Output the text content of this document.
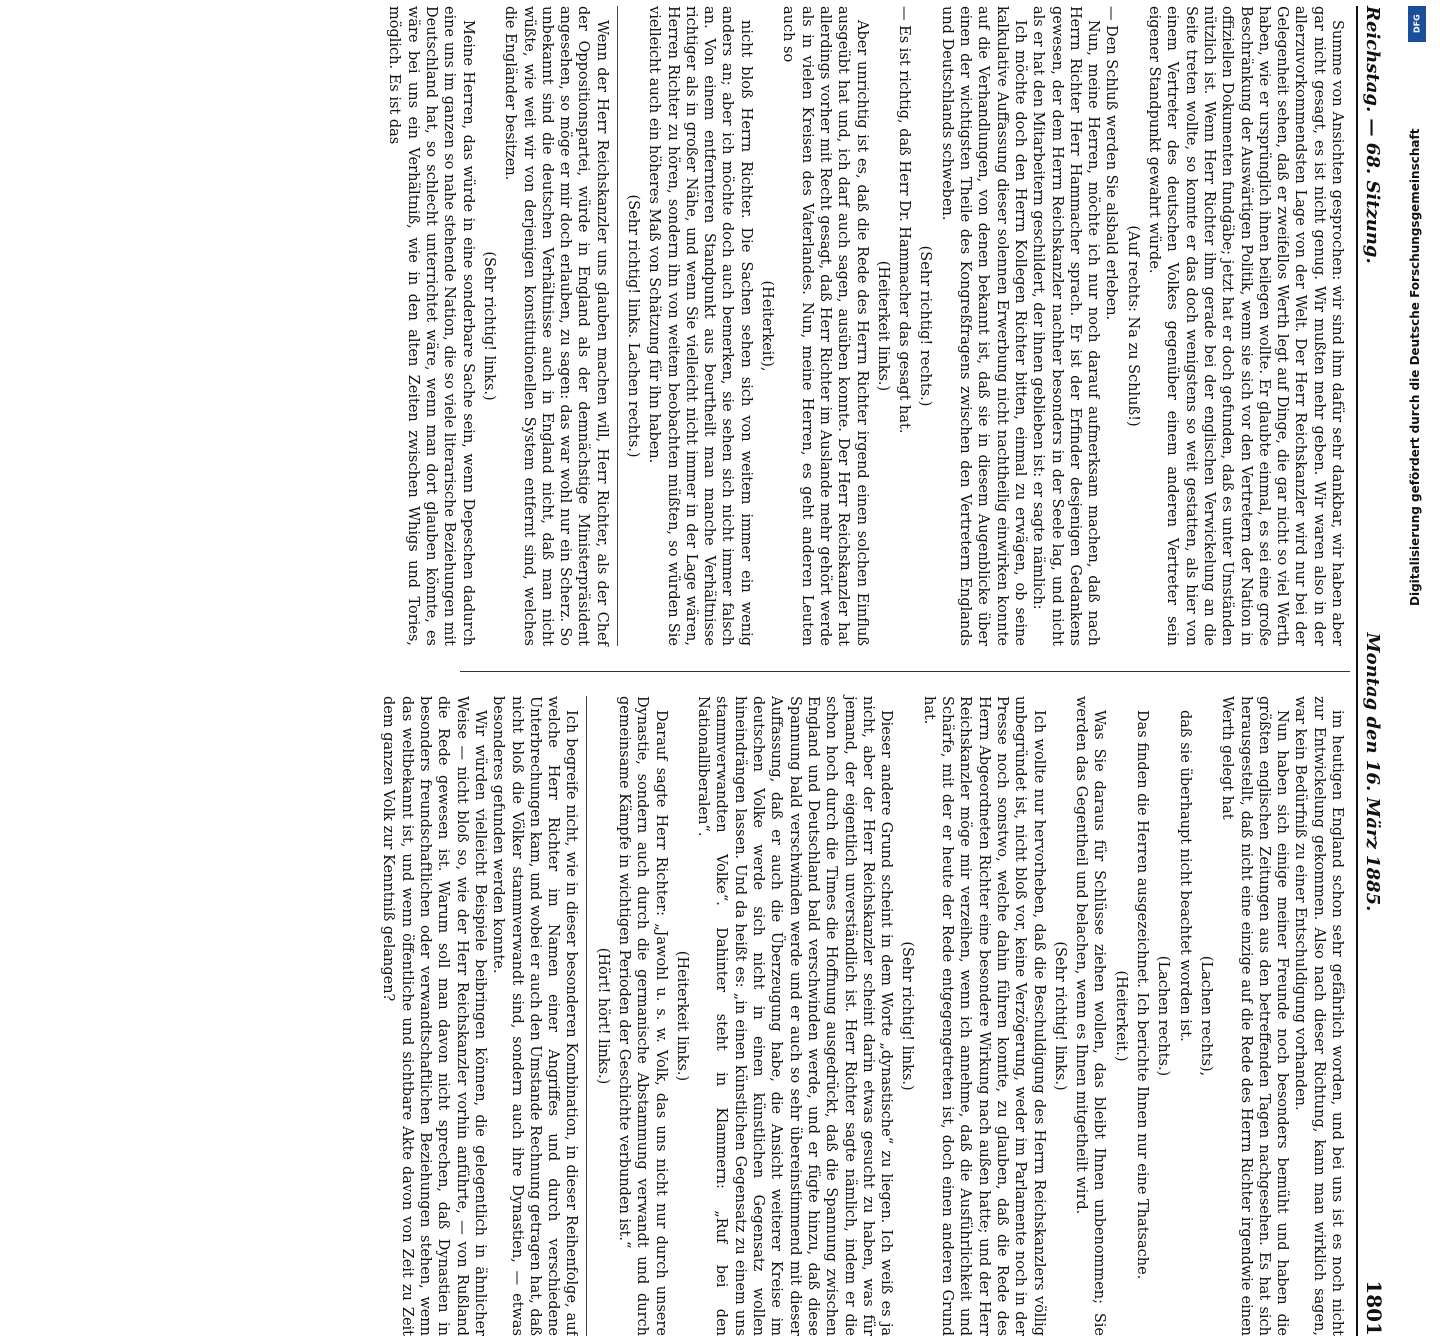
Reichstag. — 68. Sitzung.
Montag den 16. März 1885.
1801

Summe von Ansichten gesprochen: wir sind ihm dafür sehr dankbar, wir haben aber gar nicht gesagt, es ist nicht genug. Wir mußten mehr geben. Wir waren also in der allerzuvorkommendsten Lage von der Welt. Der Herr Reichskanzler wird nur bei der Gelegenheit sehen, daß er zweifellos Werth legt auf Dinge, die gar nicht so viel Werth haben, wie er ursprünglich ihnen beilegen wollte. Er glaubte einmal, es sei eine große Beschränkung der Auswärtigen Politik, wenn sie sich vor den Vertretern der Nation in offiziellen Dokumenten fundgäbe; jetzt hat er doch gefunden, daß es unter Umständen nützlich ist. Wenn Herr Richter ihm gerade bei der englischen Verwickelung an die Seite treten wollte, so konnte er das doch wenigstens so weit gestatten, als hier von einem Vertreter des deutschen Volkes gegenüber einem anderen Vertreter sein eigener Standpunkt gewahrt würde.

(Auf rechts: Na zu Schluß!)

— Den Schluß werden Sie alsbald erleben.

Nun, meine Herren, möchte ich nur noch darauf aufmerksam machen, daß nach Herrn Richter Herr Hammacher sprach. Er ist der Erfinder desjenigen Gedankens gewesen, der dem Herrn Reichskanzler nachher besonders in der Seele lag, und nicht als er hat den Mitarbeitern geschildert, der ihnen geblieben ist: er sagte nämlich:

Ich möchte doch den Herrn Kollegen Richter bitten, einmal zu erwägen, ob seine kalkulative Auffassung dieser solennen Erwerbung nicht nachtheilig einwirken konnte auf die Verhandlungen, von denen bekannt ist, daß sie in diesem Augenblicke über einen der wichtigsten Theile des Kongreßfragens zwischen den Vertretern Englands und Deutschlands schweben.

(Sehr richtig! rechts.)

— Es ist richtig, daß Herr Dr. Hammacher das gesagt hat.

(Heiterkeit links.)

Aber unrichtig ist es, daß die Rede des Herrn Richter irgend einen solchen Einfluß ausgeübt hat und, ich darf auch sagen, ausüben konnte. Der Herr Reichskanzler hat allerdings vorher mit Recht gesagt, daß Herr Richter im Auslande mehr gehört werde als in vielen Kreisen des Vaterlandes. Nun, meine Herren, es geht anderen Leuten auch so

(Heiterkeit),

nicht bloß Herrn Richter. Die Sachen sehen sich von weitem immer ein wenig anders an; aber ich möchte doch auch bemerken, sie sehen sich nicht immer falsch an. Von einem entfernteren Standpunkt aus beurtheilt man manche Verhältnisse richtiger als in großer Nähe, und wenn Sie vielleicht nicht immer in der Lage wären, Herren Richter zu hören, sondern ihn von weitem beobachten müßten, so würden Sie vielleicht auch ein höheres Maß von Schätzung für ihn haben.

(Sehr richtig! links. Lachen rechts.)

Wenn der Herr Reichskanzler uns glauben machen will, Herr Richter, als der Chef der Oppositionspartei, würde in England als der demnächstige Ministerpräsident angesehen, so möge er mir doch erlauben, zu sagen: das war wohl nur ein Scherz. So unbekannt sind die deutschen Verhältnisse auch in England nicht, daß man nicht wüßte, wie weit wir von derjenigen konstitutionellen System entfernt sind, welches die Engländer besitzen.

(Sehr richtig! links.)

Meine Herren, das würde in eine sonderbare Sache sein, wenn Depeschen dadurch eine uns im ganzen so nahe stehende Nation, die so viele literarische Beziehungen mit Deutschland hat, so schlecht unterrichtet wäre, wenn man dort glauben könnte, es wäre bei uns ein Verhältniß, wie in den alten Zeiten zwischen Whigs und Tories, möglich. Es ist das

im heutigen England schon sehr gefährlich worden, und bei uns ist es noch nicht zur Entwickelung gekommen. Also nach dieser Richtung, kann man wirklich sagen, war kein Bedürfniß zu einer Entschuldigung vorhanden.

Nun haben sich einige meiner Freunde noch besonders bemüht und haben die größten englischen Zeitungen aus den betreffenden Tagen nachgesehen. Es hat sich herausgestellt, daß nicht eine einzige auf die Rede des Herrn Richter irgendwie einen Werth gelegt hat

(Lachen rechts),

daß sie überhaupt nicht beachtet worden ist.

(Lachen rechts.)

Das finden die Herren ausgezeichnet. Ich berichte Ihnen nur eine Thatsache.

(Heiterkeit.)

Was Sie daraus für Schlüsse ziehen wollen, das bleibt Ihnen unbenommen; Sie werden das Gegentheil und belachen, wenn es Ihnen mitgetheilt wird.

(Sehr richtig! links.)

Ich wollte nur hervorheben, daß die Beschuldigung des Herrn Reichskanzlers völlig unbegründet ist, nicht bloß vor, keine Verzögerung, weder im Parlamente noch in der Presse noch sonstwo, welche dahin führen konnte, zu glauben, daß die Rede des Herrn Abgeordneten Richter eine besondere Wirkung nach außen hatte; und der Herr Reichskanzler möge mir verzeihen, wenn ich annehme, daß die Ausführlichkeit und Schärfe, mit der er heute der Rede entgegengetreten ist, doch einen anderen Grund hat.

(Sehr richtig! links.)

Dieser andere Grund scheint in dem Worte „dynastische“ zu liegen. Ich weiß es ja nicht, aber der Herr Reichskanzler scheint darin etwas gesucht zu haben, was für jemand, der eigentlich unverständlich ist. Herr Richter sagte nämlich, indem er die schon hoch durch die Times die Hoffnung ausgedrückt, daß die Spannung zwischen England und Deutschland bald verschwinden werde, und er fügte hinzu, daß diese Spannung bald verschwinden werde und er auch so sehr übereinstimmend mit dieser Auffassung, daß er auch die Überzeugung habe, die Ansicht weiterer Kreise im deutschen Volke werde sich nicht in einen künstlichen Gegensatz wollen hineindrängen lassen. Und da heißt es: „in einen künstlichen Gegensatz zu einem uns stammverwandten Volke“. Dahinter steht in Klammern: „Ruf bei den Nationalliberalen“.

(Heiterkeit links.)

Darauf sagte Herr Richter: „Jawohl u. s. w. Volk, das uns nicht nur durch unsere Dynastie, sondern auch durch die germanische Abstammung verwandt und durch gemeinsame Kämpfe in wichtigen Perioden der Geschichte verbunden ist.“

(Hört! hört! links.)

Ich begreife nicht, wie in dieser besonderen Kombination, in dieser Reihenfolge, auf welche Herr Richter im Namen einer Angriffes und durch verschiedene Unterbrechungen kam, und wobei er auch den Umstande Rechnung getragen hat, daß nicht bloß die Völker stammverwandt sind, sondern auch ihre Dynastien, — etwas besonderes gefunden werden konnte.

Wir würden vielleicht Beispiele beibringen können, die gelegentlich in ähnlicher Weise — nicht bloß so, wie der Herr Reichskanzler vorhin anführte, — von Rußland die Rede gewesen ist. Warum soll man davon nicht sprechen, daß Dynastien in besonders freundschaftlichen oder verwandtschaftlichen Beziehungen stehen, wenn das weltbekannt ist, und wenn öffentliche und sichtbare Akte davon von Zeit zu Zeit dem ganzen Volk zur Kenntniß gelangen?

DFG
Digitalisierung gefördert durch die Deutsche Forschungsgemeinschaft
